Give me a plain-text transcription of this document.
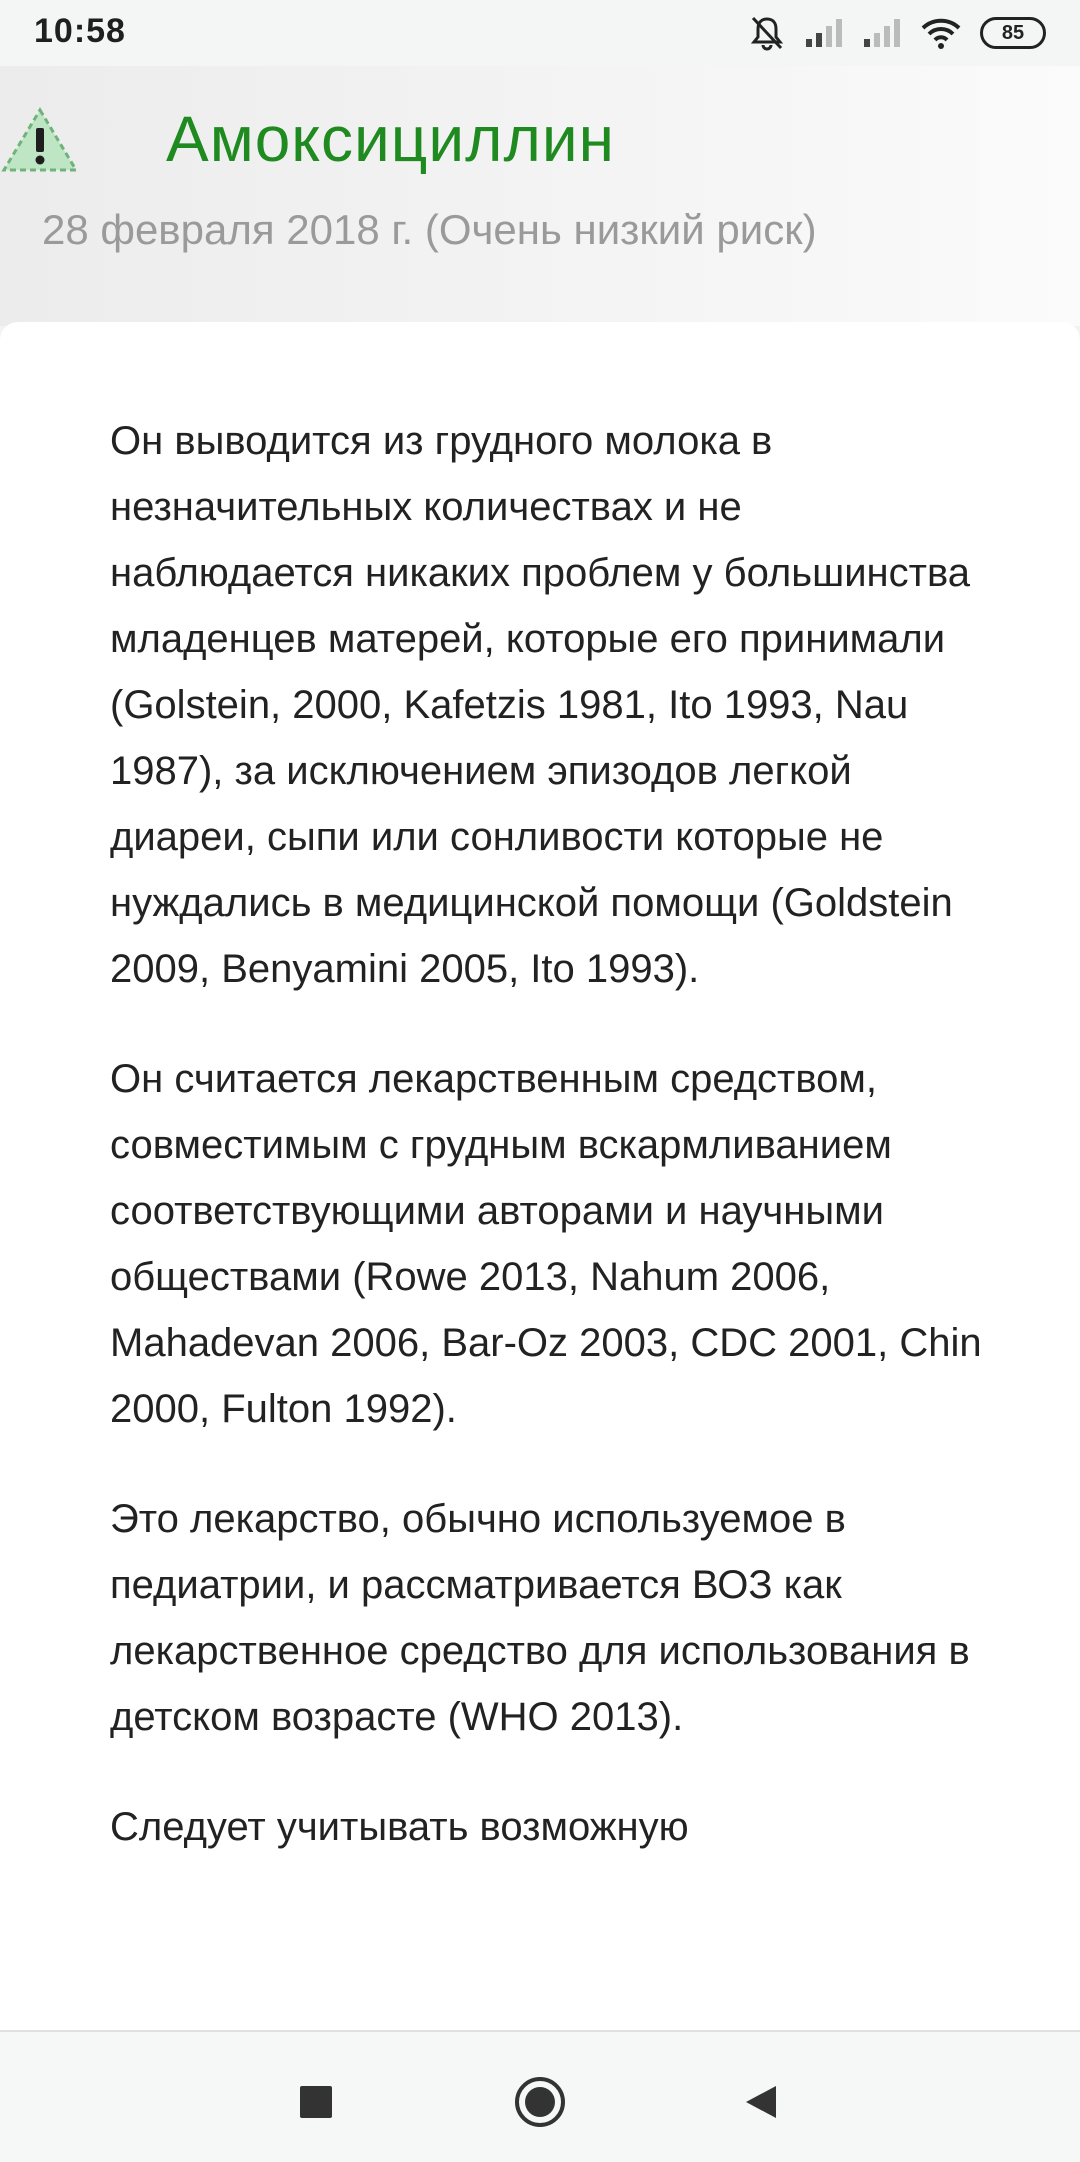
10:58	85
Амоксициллин
28 февраля 2018 г. (Очень низкий риск)

Он выводится из грудного молока в незначительных количествах и не наблюдается никаких проблем у большинства младенцев матерей, которые его принимали (Golstein, 2000, Kafetzis 1981, Ito 1993, Nau 1987), за исключением эпизодов легкой диареи, сыпи или сонливости которые не нуждались в медицинской помощи (Goldstein 2009, Benyamini 2005, Ito 1993).

Он считается лекарственным средством, совместимым с грудным вскармливанием соответствующими авторами и научными обществами (Rowe 2013, Nahum 2006, Mahadevan 2006, Bar-Oz 2003, CDC 2001, Chin 2000, Fulton 1992).

Это лекарство, обычно используемое в педиатрии, и рассматривается ВОЗ как лекарственное средство для использования в детском возрасте (WHO 2013).

Следует учитывать возможную
